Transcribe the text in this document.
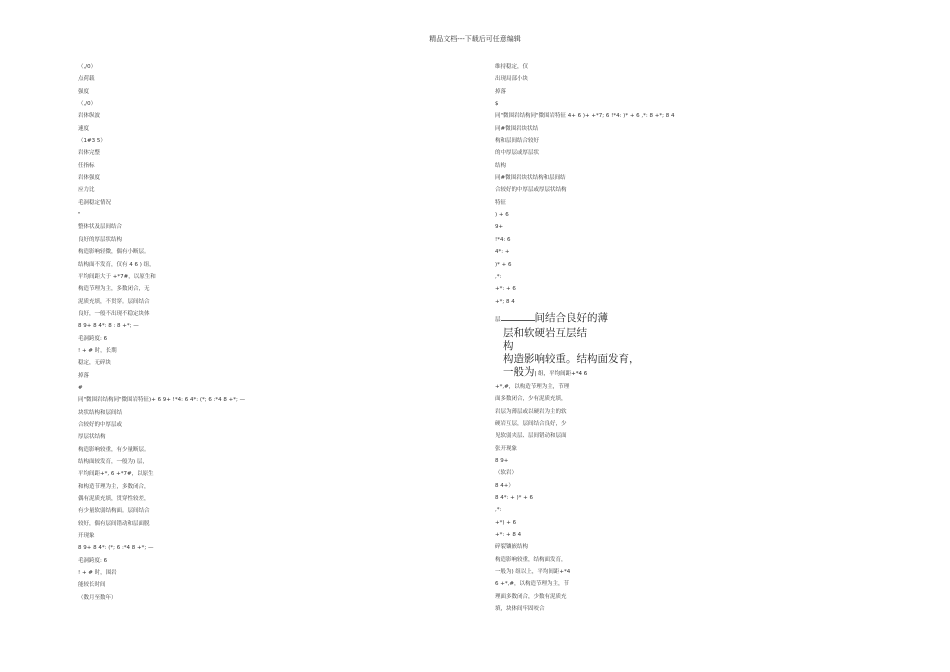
精品文档---下载后可任意编辑
（,/0）
点荷载
强度
（,/0）
岩体纵波
速度
（1#3 5）
岩体完整
任指标
岩体强度
应力比
毛洞稳定情况
"
整体状及层间结合
良好的厚层状结构
构造影响轻微，偶有小断层。
结构面不发育，仅有 4 6 ) 组，
平均间距大于 +*7#，以原生和
构造节理为主，多数闭合，无
泥质充填，不贯穿。层间结合
良好，一般不出现不稳定块体
8 9+ 8 4*: 8 : 8 +*; —
毛洞跨度: 6
! + # 时，长期
稳定，无碎块
掉落
#
同"微围岩结构同"微围岩特征)+ 6 9+ !*4: 6 4*: (*; 6 :*4 8 +*; —
块状结构和层间结
合较好的中厚层或
厚层状结构
构造影响较重，有少量断层。
结构面较发育，一般为) 层，
平均间距+*, 6 +*7#，以原生
和构造节理为主，多数闭合，
偶有泥质充填，贯穿性较差，
有少量软弱结构面。层间结合
较好，偶有层间错动和层面脱
开现象
8 9+ 8 4*: (*; 6 :*4 8 +*; —
毛洞跨度: 6
! + # 时，围岩
能较长时间
（数月至数年）
维持稳定，仅
出现局部小块
掉落
$
同"微围岩结构同"微围岩特征 4+ 6 )+ +*7; 6 !*4: )* + 6 ,*: 8 +*; 8 4
同#微围岩块状结
构和层间结合较好
的中厚层或厚层状
结构
同#微围岩块状结构和层间结
合较好的中厚层或厚层状结构
特征
) + 6
9+
!*4: 6
4*: +
)* + 6
,*:
+*: + 6
+*; 8 4
层	间结合良好的薄
层和软硬岩互层结
构
构造影响较重。结构面发育，
一般为| 组，平均间距+*4 6
+*,#，以构造节理为主，节理
面多数闭合，少有泥质充填，
岩层为薄层或以硬岩为主的软
硬岩互层，层间结合良好，少
见软弱夹层、层间错动和层面
张开现象
8 9+
（软岩）
8 4+）
8 4*: + )* + 6
,*:
+*) + 6
+*: + 8 4
碎裂镶嵌结构
构造影响较重，结构面发育，
一般为) 组以上，平均间距+*4
6 +*,#，以构造节理为主，节
理面多数闭合，少数有泥质充
填，块体间牢固咬合
